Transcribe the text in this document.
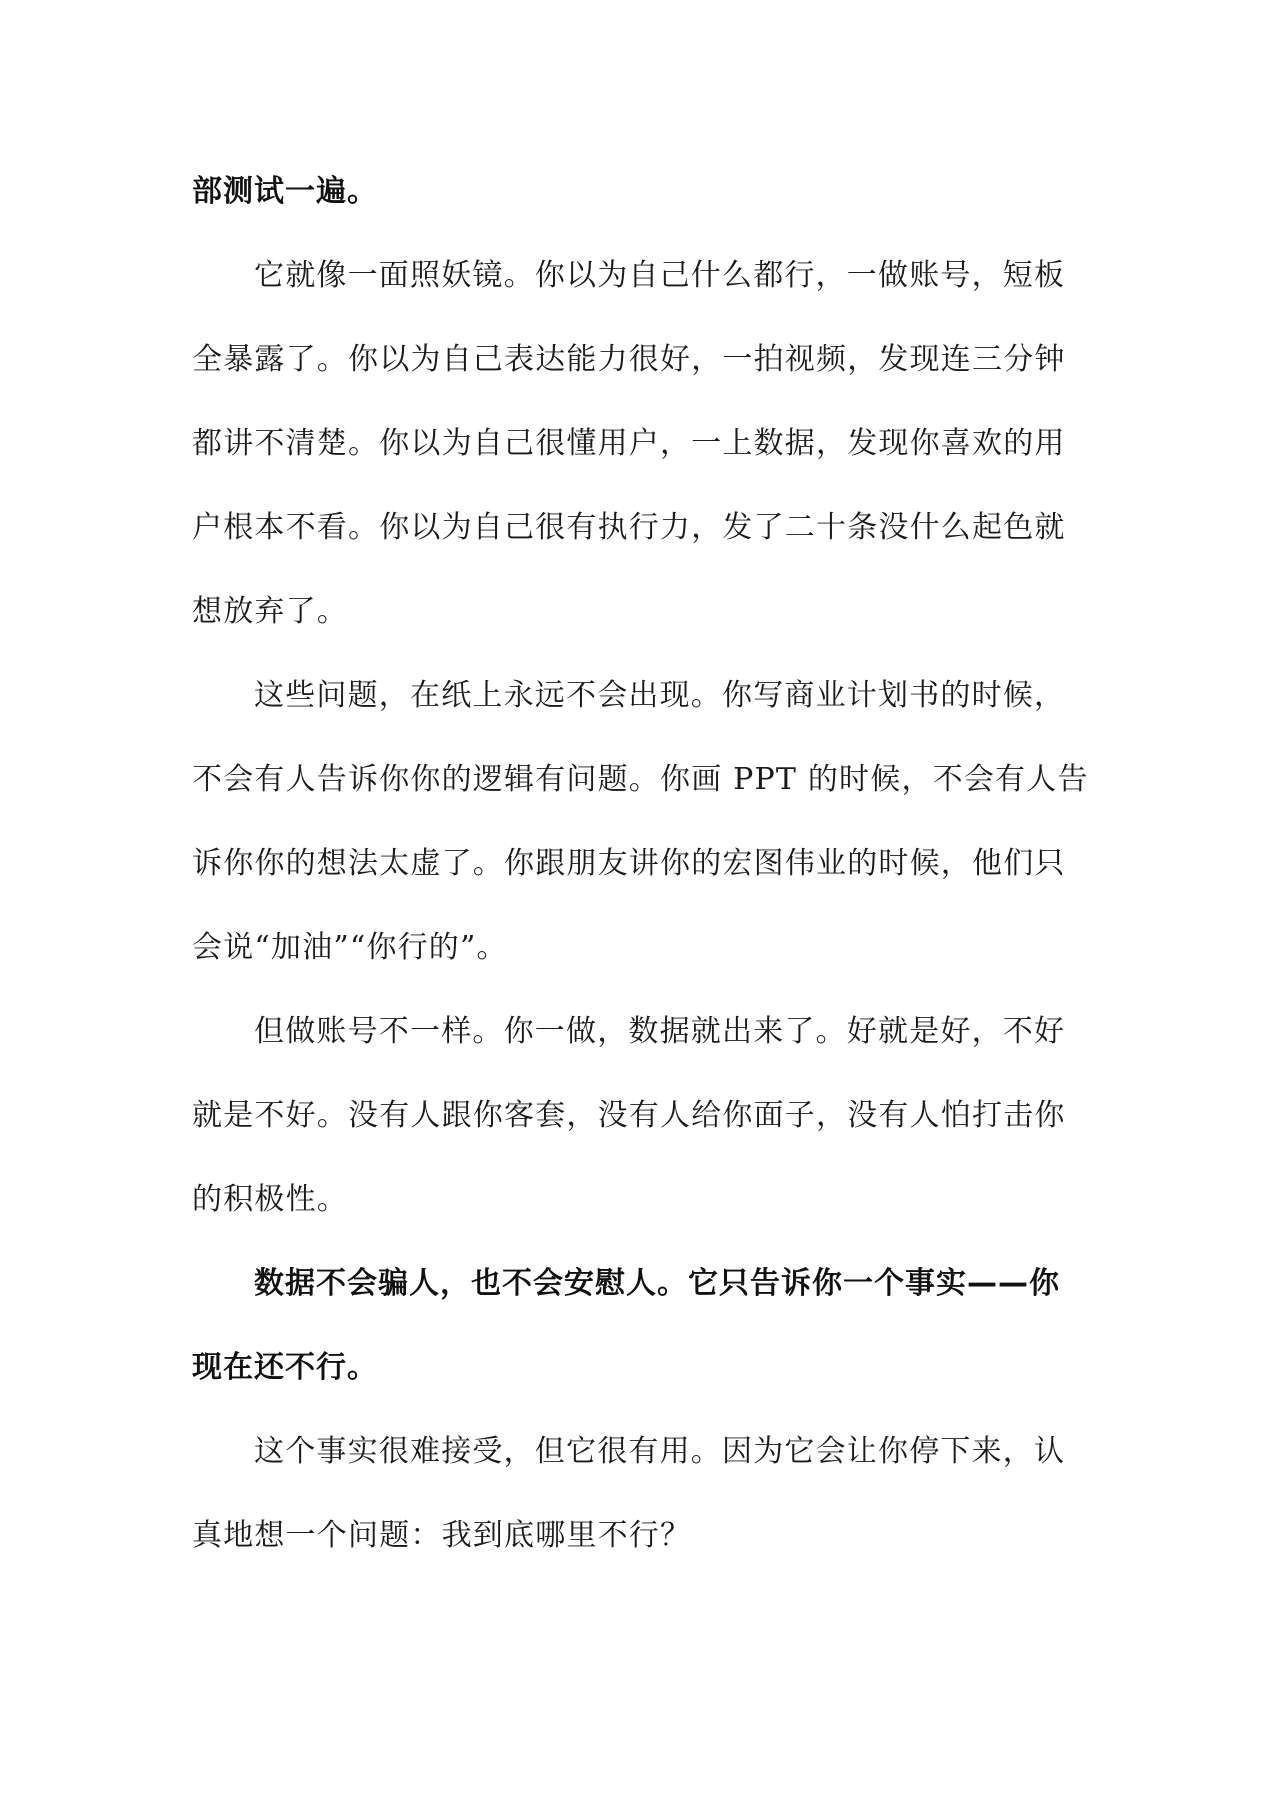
部测试一遍。
它就像一面照妖镜。你以为自己什么都行，一做账号，短板
全暴露了。你以为自己表达能力很好，一拍视频，发现连三分钟
都讲不清楚。你以为自己很懂用户，一上数据，发现你喜欢的用
户根本不看。你以为自己很有执行力，发了二十条没什么起色就
想放弃了。
这些问题，在纸上永远不会出现。你写商业计划书的时候，
不会有人告诉你你的逻辑有问题。你画 PPT 的时候，不会有人告
诉你你的想法太虚了。你跟朋友讲你的宏图伟业的时候，他们只
会说“加油”“你行的”。
但做账号不一样。你一做，数据就出来了。好就是好，不好
就是不好。没有人跟你客套，没有人给你面子，没有人怕打击你
的积极性。
数据不会骗人，也不会安慰人。它只告诉你一个事实——你
现在还不行。
这个事实很难接受，但它很有用。因为它会让你停下来，认
真地想一个问题：我到底哪里不行？
